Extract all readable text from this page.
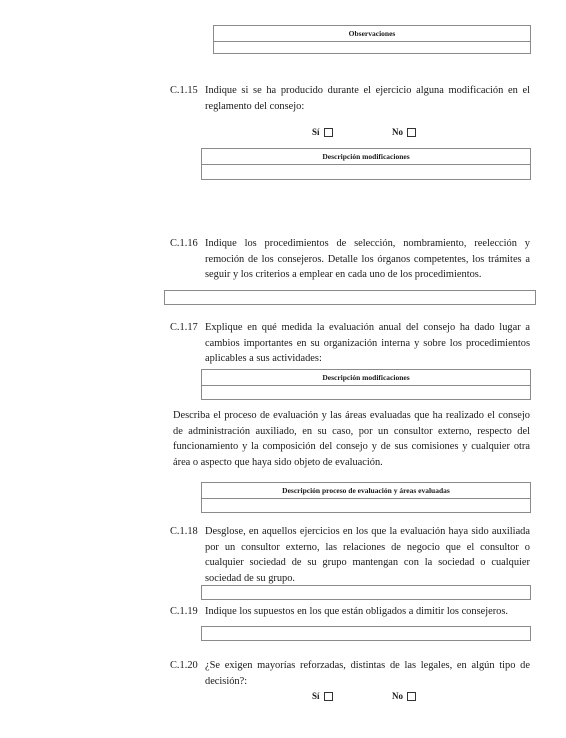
Observaciones
C.1.15 Indique si se ha producido durante el ejercicio alguna modificación en el reglamento del consejo:
Sí	No
Descripción modificaciones
C.1.16 Indique los procedimientos de selección, nombramiento, reelección y remoción de los consejeros. Detalle los órganos competentes, los trámites a seguir y los criterios a emplear en cada uno de los procedimientos.
C.1.17 Explique en qué medida la evaluación anual del consejo ha dado lugar a cambios importantes en su organización interna y sobre los procedimientos aplicables a sus actividades:
Descripción modificaciones
Describa el proceso de evaluación y las áreas evaluadas que ha realizado el consejo de administración auxiliado, en su caso, por un consultor externo, respecto del funcionamiento y la composición del consejo y de sus comisiones y cualquier otra área o aspecto que haya sido objeto de evaluación.
Descripción proceso de evaluación y áreas evaluadas
C.1.18 Desglose, en aquellos ejercicios en los que la evaluación haya sido auxiliada por un consultor externo, las relaciones de negocio que el consultor o cualquier sociedad de su grupo mantengan con la sociedad o cualquier sociedad de su grupo.
C.1.19 Indique los supuestos en los que están obligados a dimitir los consejeros.
C.1.20 ¿Se exigen mayorías reforzadas, distintas de las legales, en algún tipo de decisión?:
Sí	No
